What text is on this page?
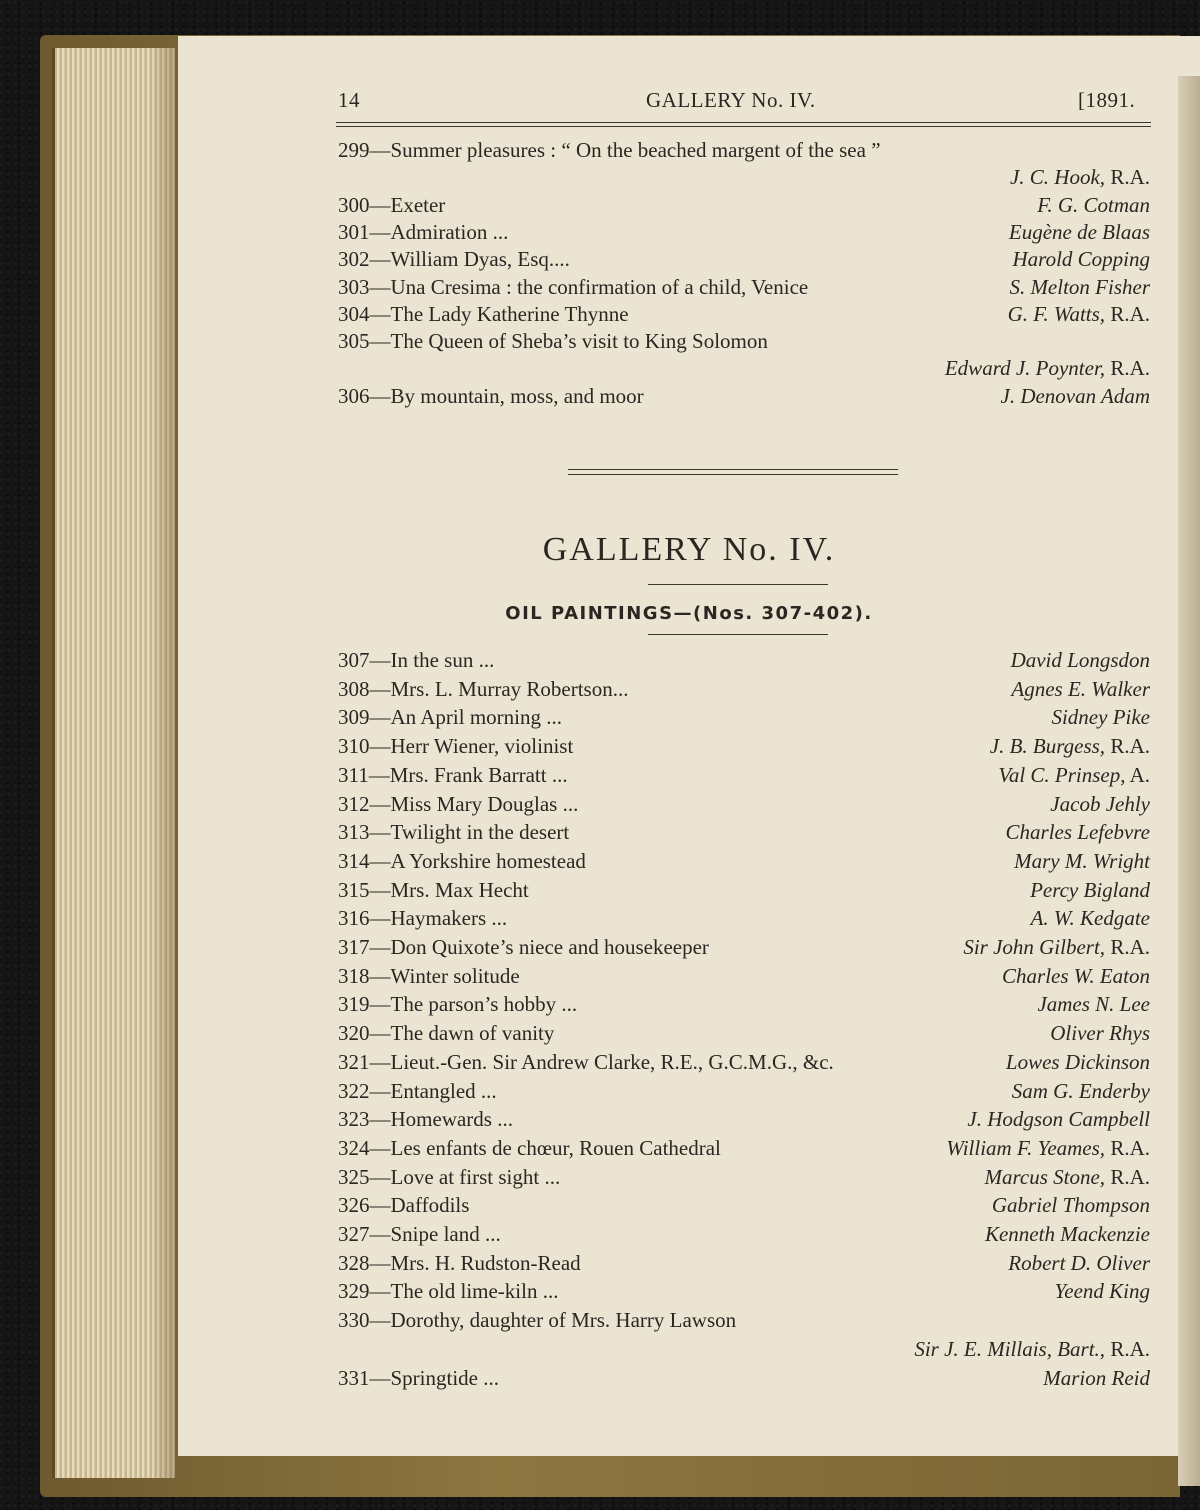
14	GALLERY No. IV.	[1891.
299—Summer pleasures : “ On the beached margent of the sea ”
J. C. Hook, R.A.
300—Exeter	F. G. Cotman
301—Admiration ...	Eugène de Blaas
302—William Dyas, Esq....	Harold Copping
303—Una Cresima : the confirmation of a child, Venice	S. Melton Fisher
304—The Lady Katherine Thynne	G. F. Watts, R.A.
305—The Queen of Sheba’s visit to King Solomon
Edward J. Poynter, R.A.
306—By mountain, moss, and moor	J. Denovan Adam
GALLERY No. IV.
OIL PAINTINGS—(Nos. 307-402).
307—In the sun ...	David Longsdon
308—Mrs. L. Murray Robertson...	Agnes E. Walker
309—An April morning ...	Sidney Pike
310—Herr Wiener, violinist	J. B. Burgess, R.A.
311—Mrs. Frank Barratt ...	Val C. Prinsep, A.
312—Miss Mary Douglas ...	Jacob Jehly
313—Twilight in the desert	Charles Lefebvre
314—A Yorkshire homestead	Mary M. Wright
315—Mrs. Max Hecht	Percy Bigland
316—Haymakers ...	A. W. Kedgate
317—Don Quixote’s niece and housekeeper	Sir John Gilbert, R.A.
318—Winter solitude	Charles W. Eaton
319—The parson’s hobby ...	James N. Lee
320—The dawn of vanity	Oliver Rhys
321—Lieut.-Gen. Sir Andrew Clarke, R.E., G.C.M.G., &c.	Lowes Dickinson
322—Entangled ...	Sam G. Enderby
323—Homewards ...	J. Hodgson Campbell
324—Les enfants de chœur, Rouen Cathedral	William F. Yeames, R.A.
325—Love at first sight ...	Marcus Stone, R.A.
326—Daffodils	Gabriel Thompson
327—Snipe land ...	Kenneth Mackenzie
328—Mrs. H. Rudston-Read	Robert D. Oliver
329—The old lime-kiln ...	Yeend King
330—Dorothy, daughter of Mrs. Harry Lawson
Sir J. E. Millais, Bart., R.A.
331—Springtide ...	Marion Reid
